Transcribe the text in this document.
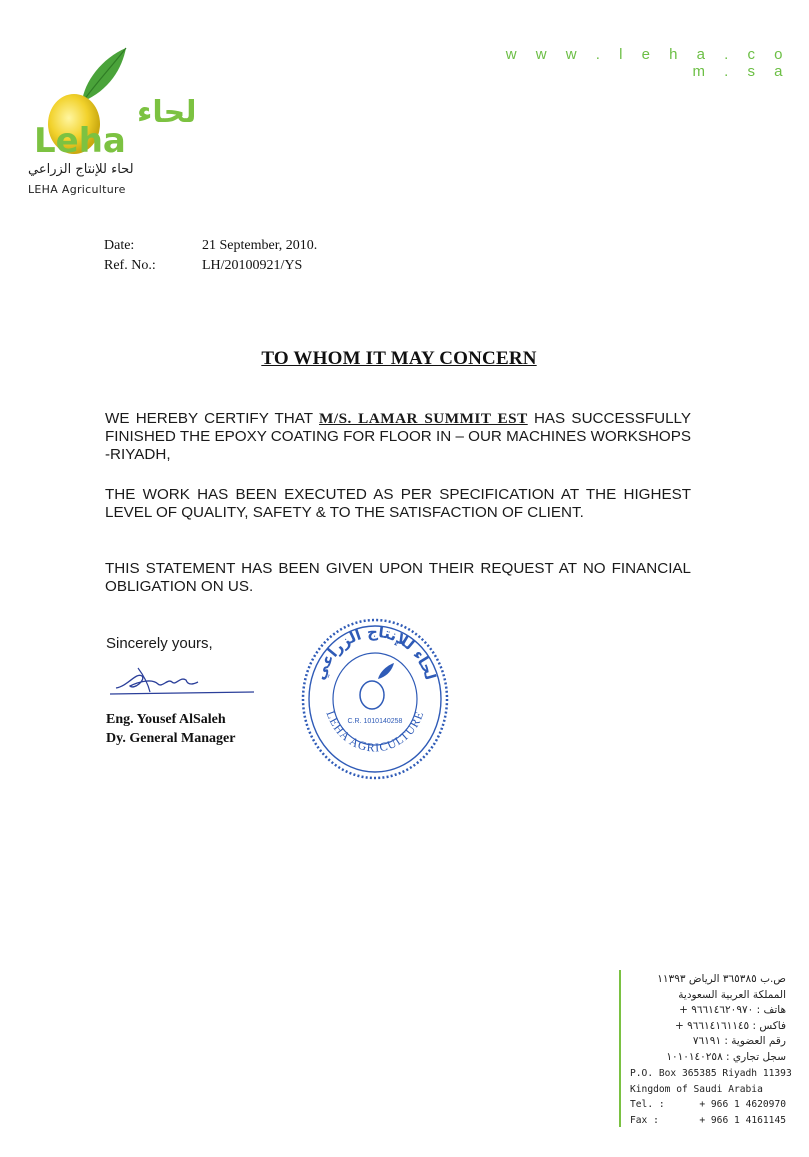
w w w . l e h a . c o m . s a
Leha
لحاء
لحاء للإنتاج الزراعي
LEHA Agriculture
Date:	21 September, 2010.
Ref. No.:	LH/20100921/YS
TO WHOM IT MAY CONCERN
WE HEREBY CERTIFY THAT M/S. LAMAR SUMMIT EST HAS SUCCESSFULLY FINISHED THE EPOXY COATING FOR FLOOR IN – OUR MACHINES WORKSHOPS -RIYADH,
THE WORK HAS BEEN EXECUTED AS PER SPECIFICATION AT THE HIGHEST LEVEL OF QUALITY, SAFETY & TO THE SATISFACTION OF CLIENT.
THIS STATEMENT HAS BEEN GIVEN UPON THEIR REQUEST AT NO FINANCIAL OBLIGATION ON US.
Sincerely yours,
Eng. Yousef AlSaleh
Dy. General Manager
لحاء للإنتاج الزراعي
LEHA AGRICULTURE
C.R. 1010140258
ص.ب ٣٦٥٣٨٥ الرياض ١١٣٩٣
المملكة العربية السعودية
هاتف : ٩٦٦١٤٦٢٠٩٧٠ +
فاكس : ٩٦٦١٤١٦١١٤٥ +
رقم العضوية : ٧٦١٩١
سجل تجاري : ١٠١٠١٤٠٢٥٨
P.O. Box 365385 Riyadh 11393
Kingdom of Saudi Arabia
Tel. :	+ 966 1 4620970
Fax :	+ 966 1 4161145
